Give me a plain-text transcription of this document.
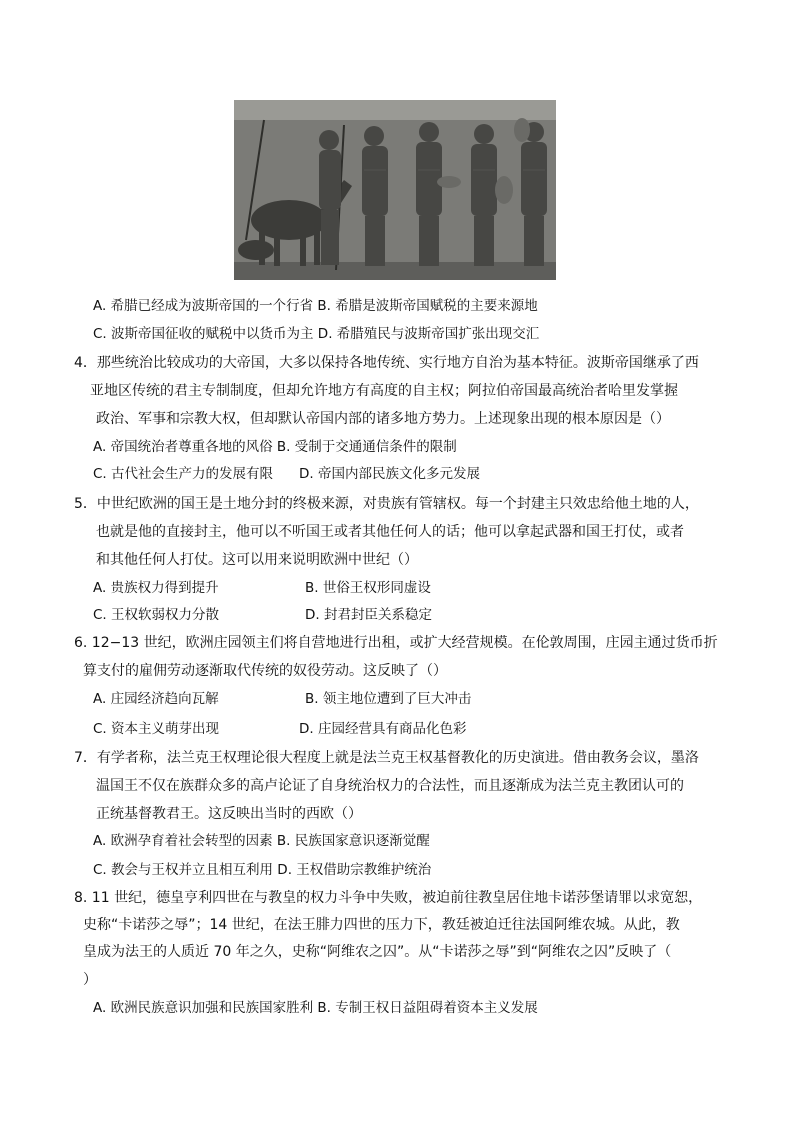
A. 希腊已经成为波斯帝国的一个行省 B. 希腊是波斯帝国赋税的主要来源地
C. 波斯帝国征收的赋税中以货币为主 D. 希腊殖民与波斯帝国扩张出现交汇
4．那些统治比较成功的大帝国，大多以保持各地传统、实行地方自治为基本特征。波斯帝国继承了西
亚地区传统的君主专制制度，但却允许地方有高度的自主权；阿拉伯帝国最高统治者哈里发掌握
政治、军事和宗教大权，但却默认帝国内部的诸多地方势力。上述现象出现的根本原因是（）
A. 帝国统治者尊重各地的风俗 B. 受制于交通通信条件的限制
C. 古代社会生产力的发展有限 D. 帝国内部民族文化多元发展
5．中世纪欧洲的国王是土地分封的终极来源，对贵族有管辖权。每一个封建主只效忠给他土地的人，
也就是他的直接封主，他可以不听国王或者其他任何人的话；他可以拿起武器和国王打仗，或者
和其他任何人打仗。这可以用来说明欧洲中世纪（）
A. 贵族权力得到提升	B. 世俗王权形同虚设
C. 王权软弱权力分散	D. 封君封臣关系稳定
6. 12−13 世纪，欧洲庄园领主们将自营地进行出租，或扩大经营规模。在伦敦周围，庄园主通过货币折
算支付的雇佣劳动逐渐取代传统的奴役劳动。这反映了（）
A. 庄园经济趋向瓦解	B. 领主地位遭到了巨大冲击
C. 资本主义萌芽出现	D. 庄园经营具有商品化色彩
7．有学者称，法兰克王权理论很大程度上就是法兰克王权基督教化的历史演进。借由教务会议，墨洛
温国王不仅在族群众多的高卢论证了自身统治权力的合法性，而且逐渐成为法兰克主教团认可的
正统基督教君王。这反映出当时的西欧（）
A. 欧洲孕育着社会转型的因素 B. 民族国家意识逐渐觉醒
C. 教会与王权并立且相互利用 D. 王权借助宗教维护统治
8. 11 世纪，德皇亨利四世在与教皇的权力斗争中失败，被迫前往教皇居住地卡诺莎堡请罪以求宽恕，
史称“卡诺莎之辱”；14 世纪，在法王腓力四世的压力下，教廷被迫迁往法国阿维农城。从此，教
皇成为法王的人质近 70 年之久，史称“阿维农之囚”。从“卡诺莎之辱”到“阿维农之囚”反映了（
）
A. 欧洲民族意识加强和民族国家胜利 B. 专制王权日益阻碍着资本主义发展
